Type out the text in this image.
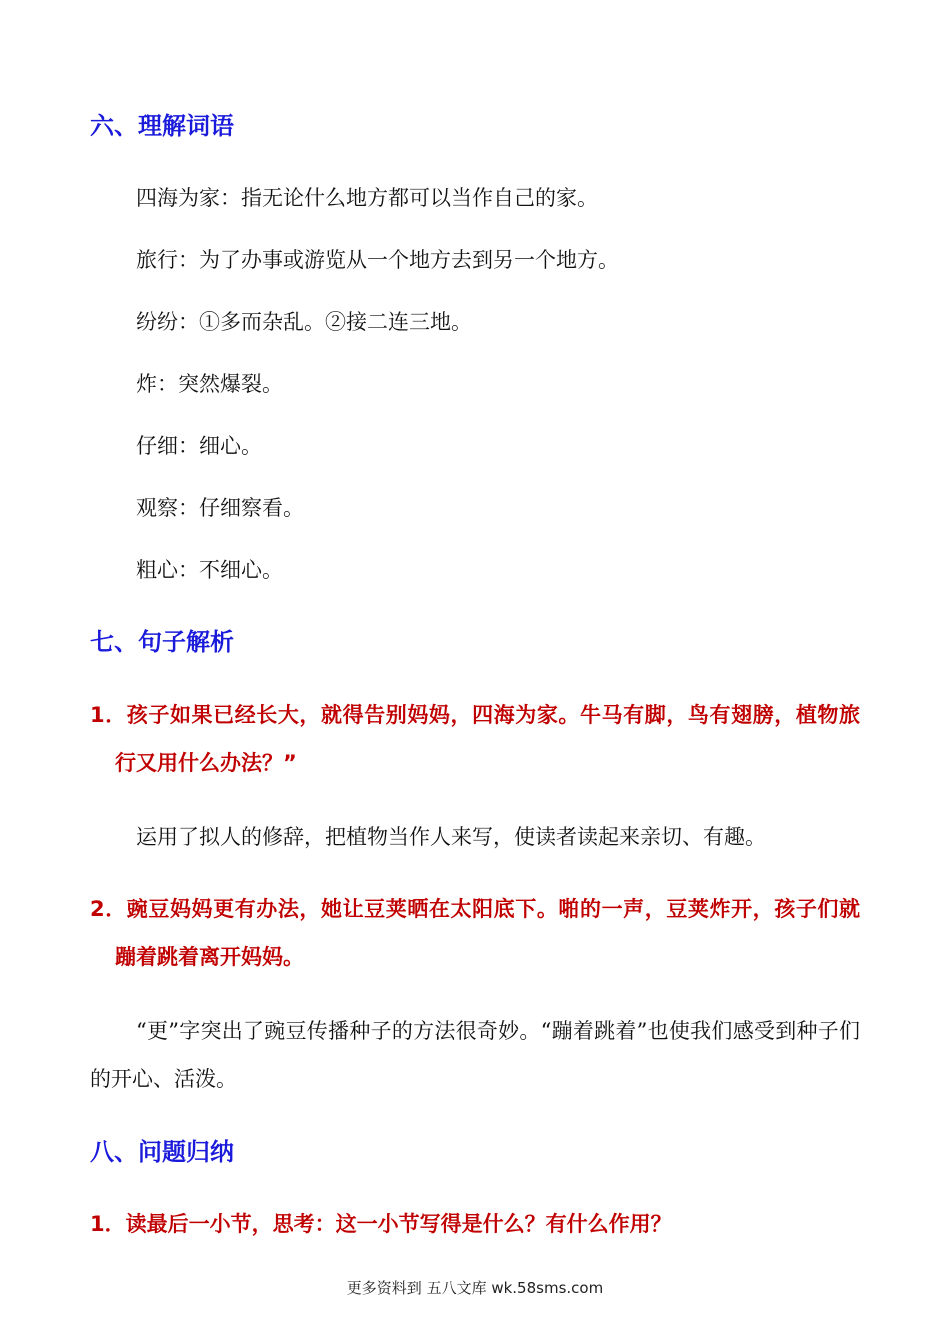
六、理解词语
四海为家：指无论什么地方都可以当作自己的家。
旅行：为了办事或游览从一个地方去到另一个地方。
纷纷：①多而杂乱。②接二连三地。
炸：突然爆裂。
仔细：细心。
观察：仔细察看。
粗心：不细心。
七、句子解析
1．孩子如果已经长大，就得告别妈妈，四海为家。牛马有脚，鸟有翅膀，植物旅行又用什么办法？”
运用了拟人的修辞，把植物当作人来写，使读者读起来亲切、有趣。
2．豌豆妈妈更有办法，她让豆荚晒在太阳底下。啪的一声，豆荚炸开，孩子们就蹦着跳着离开妈妈。
“更”字突出了豌豆传播种子的方法很奇妙。“蹦着跳着”也使我们感受到种子们的开心、活泼。
八、问题归纳
1．读最后一小节，思考：这一小节写得是什么？有什么作用？
更多资料到 五八文库 wk.58sms.com
